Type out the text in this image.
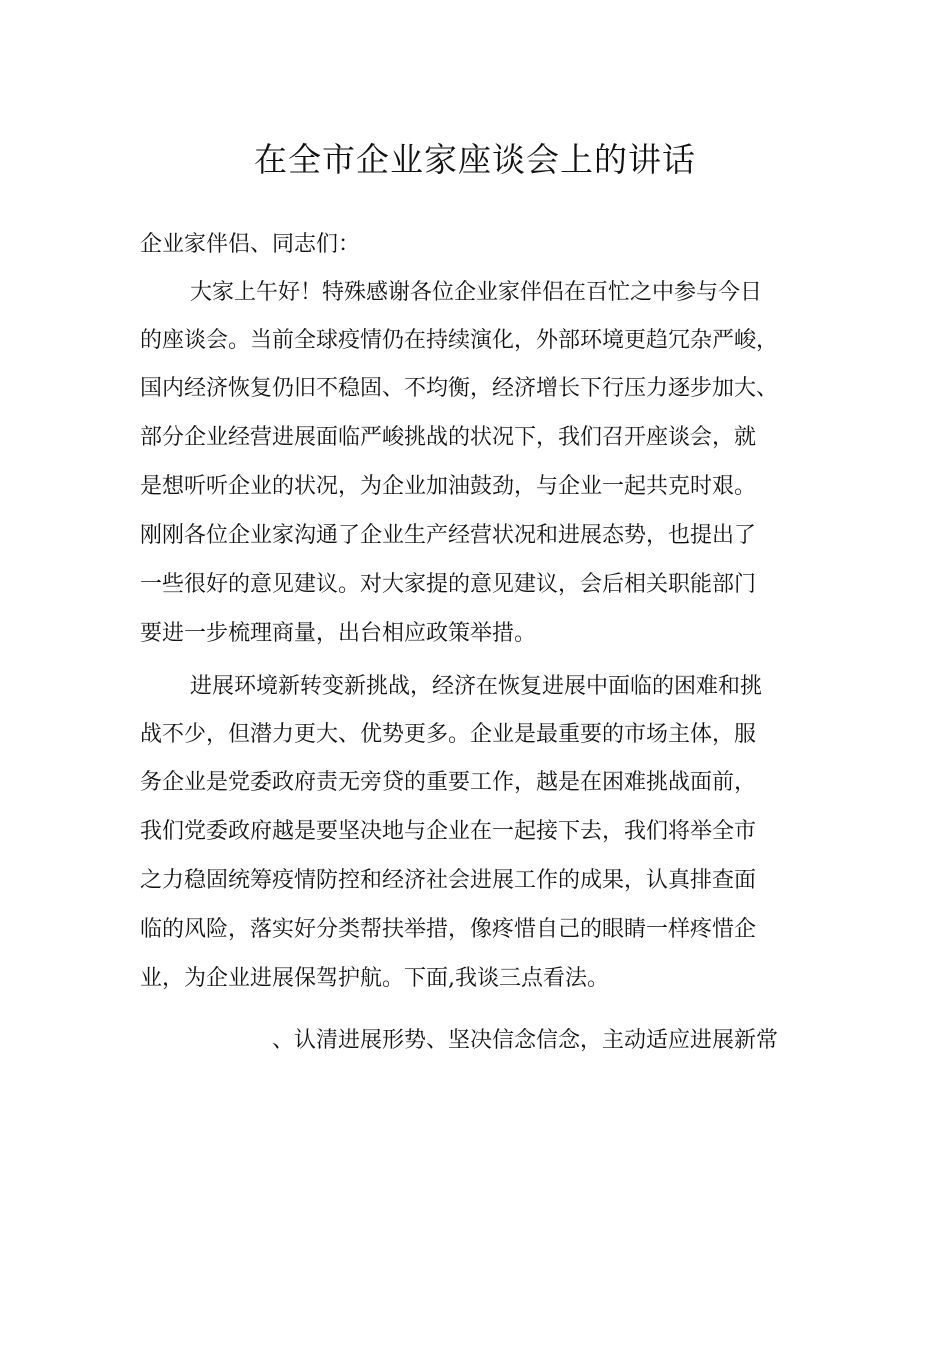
在全市企业家座谈会上的讲话

企业家伴侣、同志们：

大家上午好！特殊感谢各位企业家伴侣在百忙之中参与今日

的座谈会。当前全球疫情仍在持续演化，外部环境更趋冗杂严峻，

国内经济恢复仍旧不稳固、不均衡，经济增长下行压力逐步加大、

部分企业经营进展面临严峻挑战的状况下，我们召开座谈会，就

是想听听企业的状况，为企业加油鼓劲，与企业一起共克时艰。

刚刚各位企业家沟通了企业生产经营状况和进展态势，也提出了

一些很好的意见建议。对大家提的意见建议，会后相关职能部门

要进一步梳理商量，出台相应政策举措。

进展环境新转变新挑战，经济在恢复进展中面临的困难和挑

战不少，但潜力更大、优势更多。企业是最重要的市场主体，服

务企业是党委政府责无旁贷的重要工作，越是在困难挑战面前，

我们党委政府越是要坚决地与企业在一起接下去，我们将举全市

之力稳固统筹疫情防控和经济社会进展工作的成果，认真排查面

临的风险，落实好分类帮扶举措，像疼惜自己的眼睛一样疼惜企

业，为企业进展保驾护航。下面,我谈三点看法。

、认清进展形势、坚决信念信念，主动适应进展新常
